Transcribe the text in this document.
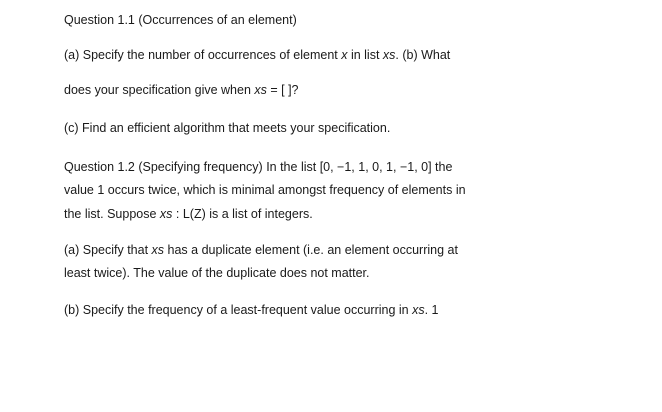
Question 1.1 (Occurrences of an element)
(a) Specify the number of occurrences of element x in list xs. (b) What
does your specification give when xs = [ ]?
(c) Find an efficient algorithm that meets your specification.
Question 1.2 (Specifying frequency) In the list [0, −1, 1, 0, 1, −1, 0] the
value 1 occurs twice, which is minimal amongst frequency of elements in
the list. Suppose xs : L(Z) is a list of integers.
(a) Specify that xs has a duplicate element (i.e. an element occurring at
least twice). The value of the duplicate does not matter.
(b) Specify the frequency of a least-frequent value occurring in xs. 1
